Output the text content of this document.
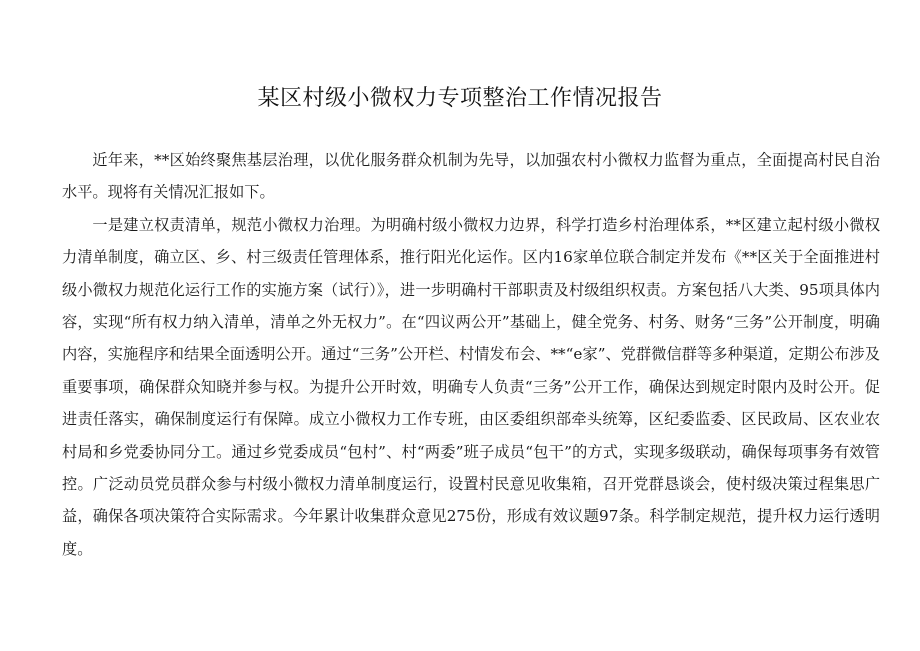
某区村级小微权力专项整治工作情况报告

近年来，**区始终聚焦基层治理，以优化服务群众机制为先导，以加强农村小微权力监督为重点，全面提高村民自治水平。现将有关情况汇报如下。

一是建立权责清单，规范小微权力治理。为明确村级小微权力边界，科学打造乡村治理体系，**区建立起村级小微权力清单制度，确立区、乡、村三级责任管理体系，推行阳光化运作。区内16家单位联合制定并发布《**区关于全面推进村级小微权力规范化运行工作的实施方案（试行）》，进一步明确村干部职责及村级组织权责。方案包括八大类、95项具体内容，实现“所有权力纳入清单，清单之外无权力”。在“四议两公开”基础上，健全党务、村务、财务“三务”公开制度，明确内容，实施程序和结果全面透明公开。通过“三务”公开栏、村情发布会、**“e家”、党群微信群等多种渠道，定期公布涉及重要事项，确保群众知晓并参与权。为提升公开时效，明确专人负责“三务”公开工作，确保达到规定时限内及时公开。促进责任落实，确保制度运行有保障。成立小微权力工作专班，由区委组织部牵头统筹，区纪委监委、区民政局、区农业农村局和乡党委协同分工。通过乡党委成员“包村”、村“两委”班子成员“包干”的方式，实现多级联动，确保每项事务有效管控。广泛动员党员群众参与村级小微权力清单制度运行，设置村民意见收集箱，召开党群恳谈会，使村级决策过程集思广益，确保各项决策符合实际需求。今年累计收集群众意见275份，形成有效议题97条。科学制定规范，提升权力运行透明度。
